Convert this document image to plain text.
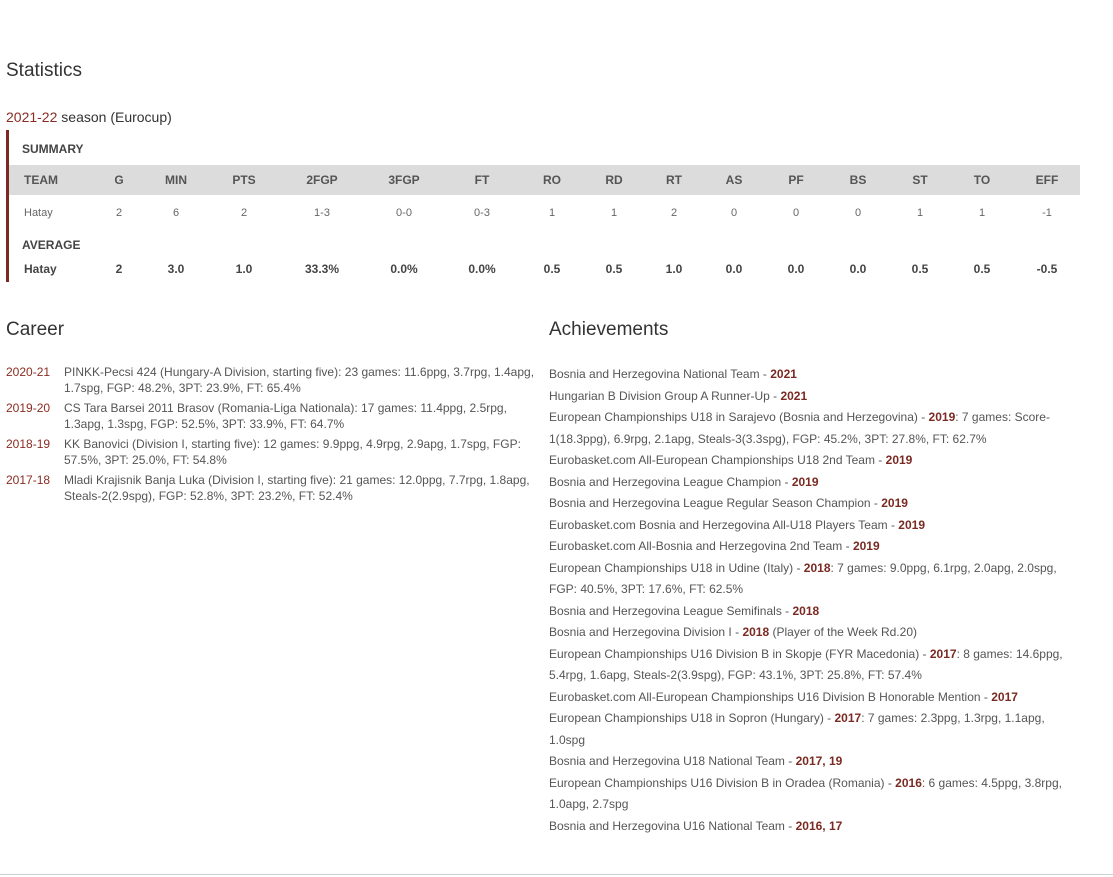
Statistics
2021-22 season (Eurocup)
SUMMARY
TEAM	G	MIN	PTS	2FGP	3FGP	FT	RO	RD	RT	AS	PF	BS	ST	TO	EFF
Hatay	2	6	2	1-3	0-0	0-3	1	1	2	0	0	0	1	1	-1
AVERAGE
Hatay	2	3.0	1.0	33.3%	0.0%	0.0%	0.5	0.5	1.0	0.0	0.0	0.0	0.5	0.5	-0.5
Career
2020-21	PINKK-Pecsi 424 (Hungary-A Division, starting five): 23 games: 11.6ppg, 3.7rpg, 1.4apg, 1.7spg, FGP: 48.2%, 3PT: 23.9%, FT: 65.4%
2019-20	CS Tara Barsei 2011 Brasov (Romania-Liga Nationala): 17 games: 11.4ppg, 2.5rpg, 1.3apg, 1.3spg, FGP: 52.5%, 3PT: 33.9%, FT: 64.7%
2018-19	KK Banovici (Division I, starting five): 12 games: 9.9ppg, 4.9rpg, 2.9apg, 1.7spg, FGP: 57.5%, 3PT: 25.0%, FT: 54.8%
2017-18	Mladi Krajisnik Banja Luka (Division I, starting five): 21 games: 12.0ppg, 7.7rpg, 1.8apg, Steals-2(2.9spg), FGP: 52.8%, 3PT: 23.2%, FT: 52.4%
Achievements
Bosnia and Herzegovina National Team - 2021
Hungarian B Division Group A Runner-Up - 2021
European Championships U18 in Sarajevo (Bosnia and Herzegovina) - 2019: 7 games: Score-1(18.3ppg), 6.9rpg, 2.1apg, Steals-3(3.3spg), FGP: 45.2%, 3PT: 27.8%, FT: 62.7%
Eurobasket.com All-European Championships U18 2nd Team - 2019
Bosnia and Herzegovina League Champion - 2019
Bosnia and Herzegovina League Regular Season Champion - 2019
Eurobasket.com Bosnia and Herzegovina All-U18 Players Team - 2019
Eurobasket.com All-Bosnia and Herzegovina 2nd Team - 2019
European Championships U18 in Udine (Italy) - 2018: 7 games: 9.0ppg, 6.1rpg, 2.0apg, 2.0spg, FGP: 40.5%, 3PT: 17.6%, FT: 62.5%
Bosnia and Herzegovina League Semifinals - 2018
Bosnia and Herzegovina Division I - 2018 (Player of the Week Rd.20)
European Championships U16 Division B in Skopje (FYR Macedonia) - 2017: 8 games: 14.6ppg, 5.4rpg, 1.6apg, Steals-2(3.9spg), FGP: 43.1%, 3PT: 25.8%, FT: 57.4%
Eurobasket.com All-European Championships U16 Division B Honorable Mention - 2017
European Championships U18 in Sopron (Hungary) - 2017: 7 games: 2.3ppg, 1.3rpg, 1.1apg, 1.0spg
Bosnia and Herzegovina U18 National Team - 2017, 19
European Championships U16 Division B in Oradea (Romania) - 2016: 6 games: 4.5ppg, 3.8rpg, 1.0apg, 2.7spg
Bosnia and Herzegovina U16 National Team - 2016, 17
